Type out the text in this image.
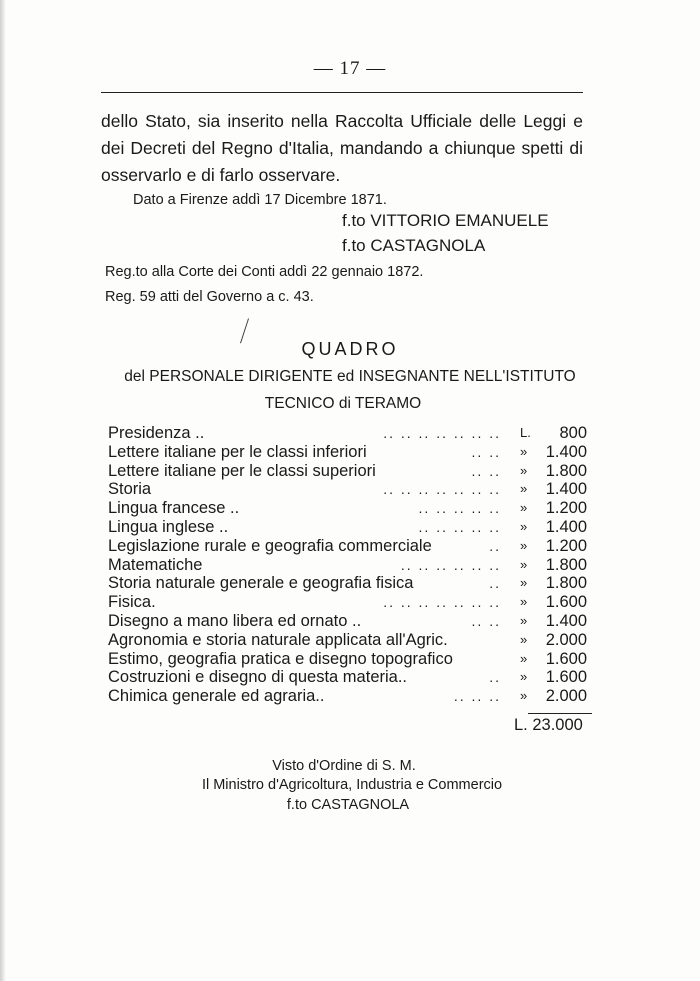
— 17 —
dello Stato, sia inserito nella Raccolta Ufficiale delle Leggi e dei Decreti del Regno d'Italia, mandando a chiunque spetti di osservarlo e di farlo osservare.
Dato a Firenze addì 17 Dicembre 1871.
f.to VITTORIO EMANUELE
f.to CASTAGNOLA
Reg.to alla Corte dei Conti addì 22 gennaio 1872.
Reg. 59 atti del Governo a c. 43.
QUADRO
del PERSONALE DIRIGENTE ed INSEGNANTE NELL'ISTITUTO
TECNICO di TERAMO
Presidenza ..	.. .. .. .. .. .. .. L. 800
Lettere italiane per le classi inferiori	.. .. » 1.400
Lettere italiane per le classi superiori	.. .. » 1.800
Storia	.. .. .. .. .. .. .. » 1.400
Lingua francese ..	.. .. .. .. .. » 1.200
Lingua inglese ..	.. .. .. .. .. » 1.400
Legislazione rurale e geografia commerciale	.. » 1.200
Matematiche	.. .. .. .. .. .. » 1.800
Storia naturale generale e geografia fisica	.. » 1.800
Fisica.	.. .. .. .. .. .. .. » 1.600
Disegno a mano libera ed ornato ..	.. .. » 1.400
Agronomia e storia naturale applicata all'Agric.	» 2.000
Estimo, geografia pratica e disegno topografico	» 1.600
Costruzioni e disegno di questa materia..	.. » 1.600
Chimica generale ed agraria..	.. .. .. » 2.000
L. 23.000
Visto d'Ordine di S. M.
Il Ministro d'Agricoltura, Industria e Commercio
f.to CASTAGNOLA
